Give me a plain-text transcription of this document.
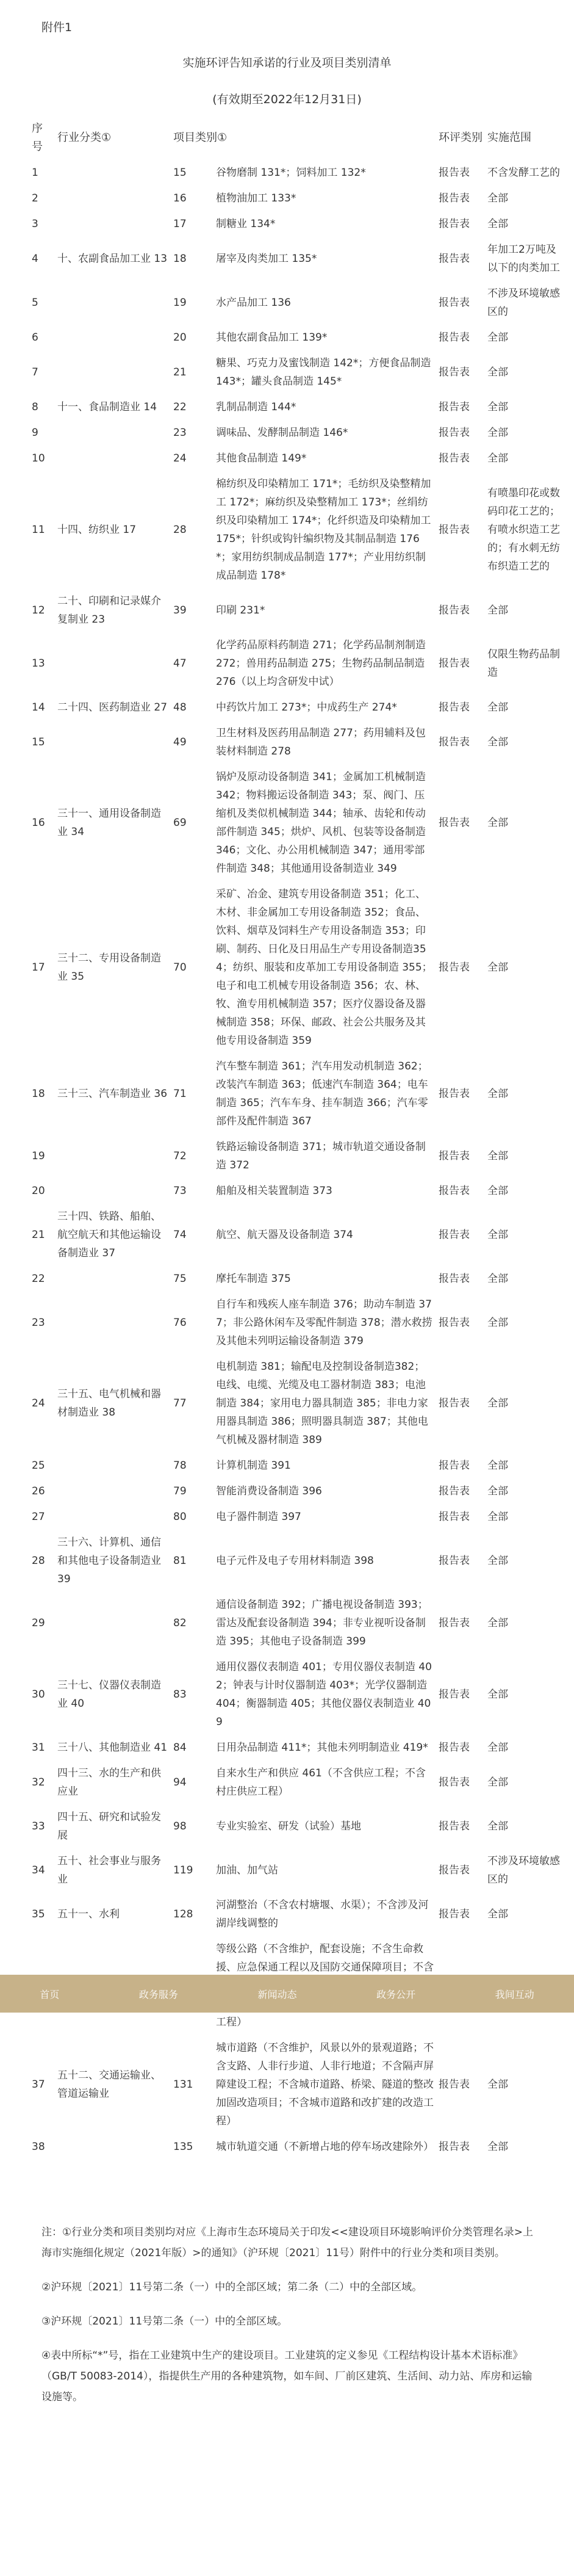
附件1
实施环评告知承诺的行业及项目类别清单
(有效期至2022年12月31日)
序号	行业分类①	项目类别①		环评类别	实施范围
1		15	谷物磨制 131*；饲料加工 132*	报告表	不含发酵工艺的
2		16	植物油加工 133*	报告表	全部
3		17	制糖业 134*	报告表	全部
4	十、农副食品加工业 13	18	屠宰及肉类加工 135*	报告表	年加工2万吨及以下的肉类加工
5		19	水产品加工 136	报告表	不涉及环境敏感区的
6		20	其他农副食品加工 139*	报告表	全部
7		21	糖果、巧克力及蜜饯制造 142*；方便食品制造143*；罐头食品制造 145*	报告表	全部
8	十一、食品制造业 14	22	乳制品制造 144*	报告表	全部
9		23	调味品、发酵制品制造 146*	报告表	全部
10		24	其他食品制造 149*	报告表	全部
11	十四、纺织业 17	28	棉纺织及印染精加工 171*；毛纺织及染整精加工 172*；麻纺织及染整精加工 173*；丝绢纺织及印染精加工 174*；化纤织造及印染精加工 175*；针织或钩针编织物及其制品制造 176*；家用纺织制成品制造 177*；产业用纺织制成品制造 178*	报告表	有喷墨印花或数码印花工艺的；有喷水织造工艺的；有水刺无纺布织造工艺的
12	二十、印刷和记录媒介复制业 23	39	印刷 231*	报告表	全部
13		47	化学药品原料药制造 271；化学药品制剂制造 272；兽用药品制造 275；生物药品制品制造 276（以上均含研发中试）	报告表	仅限生物药品制造
14	二十四、医药制造业 27	48	中药饮片加工 273*；中成药生产 274*	报告表	全部
15		49	卫生材料及医药用品制造 277；药用辅料及包装材料制造 278	报告表	全部
16	三十一、通用设备制造业 34	69	锅炉及原动设备制造 341；金属加工机械制造 342；物料搬运设备制造 343；泵、阀门、压缩机及类似机械制造 344；轴承、齿轮和传动部件制造 345；烘炉、风机、包装等设备制造 346；文化、办公用机械制造 347；通用零部件制造 348；其他通用设备制造业 349	报告表	全部
17	三十二、专用设备制造业 35	70	采矿、冶金、建筑专用设备制造 351；化工、木材、非金属加工专用设备制造 352；食品、饮料、烟草及饲料生产专用设备制造 353；印刷、制药、日化及日用品生产专用设备制造354；纺织、服装和皮革加工专用设备制造 355；电子和电工机械专用设备制造 356；农、林、牧、渔专用机械制造 357；医疗仪器设备及器械制造 358；环保、邮政、社会公共服务及其他专用设备制造 359	报告表	全部
18	三十三、汽车制造业 36	71	汽车整车制造 361；汽车用发动机制造 362；改装汽车制造 363；低速汽车制造 364；电车制造 365；汽车车身、挂车制造 366；汽车零部件及配件制造 367	报告表	全部
19		72	铁路运输设备制造 371；城市轨道交通设备制造 372	报告表	全部
20		73	船舶及相关装置制造 373	报告表	全部
21	三十四、铁路、船舶、航空航天和其他运输设备制造业 37	74	航空、航天器及设备制造 374	报告表	全部
22		75	摩托车制造 375	报告表	全部
23		76	自行车和残疾人座车制造 376；助动车制造 377；非公路休闲车及零配件制造 378；潜水救捞及其他未列明运输设备制造 379	报告表	全部
24	三十五、电气机械和器材制造业 38	77	电机制造 381；输配电及控制设备制造382；电线、电缆、光缆及电工器材制造 383；电池制造 384；家用电力器具制造 385；非电力家用器具制造 386；照明器具制造 387；其他电气机械及器材制造 389	报告表	全部
25		78	计算机制造 391	报告表	全部
26		79	智能消费设备制造 396	报告表	全部
27		80	电子器件制造 397	报告表	全部
28	三十六、计算机、通信和其他电子设备制造业 39	81	电子元件及电子专用材料制造 398	报告表	全部
29		82	通信设备制造 392；广播电视设备制造 393；雷达及配套设备制造 394；非专业视听设备制造 395；其他电子设备制造 399	报告表	全部
30	三十七、仪器仪表制造业 40	83	通用仪器仪表制造 401；专用仪器仪表制造 402；钟表与计时仪器制造 403*；光学仪器制造 404；衡器制造 405；其他仪器仪表制造业 409	报告表	全部
31	三十八、其他制造业 41	84	日用杂品制造 411*；其他未列明制造业 419*	报告表	全部
32	四十三、水的生产和供应业	94	自来水生产和供应 461（不含供应工程；不含村庄供应工程）	报告表	全部
33	四十五、研究和试验发展	98	专业实验室、研发（试验）基地	报告表	全部
34	五十、社会事业与服务业	119	加油、加气站	报告表	不涉及环境敏感区的
35	五十一、水利	128	河湖整治（不含农村塘堰、水渠）；不含涉及河湖岸线调整的	报告表	全部
			等级公路（不含维护，配套设施；不含生命救援、应急保通工程以及国防交通保障项目；不含 工程）		
37	五十二、交通运输业、管道运输业	131	城市道路（不含维护，风景以外的景观道路；不含支路、人非行步道、人非行地道；不含隔声屏障建设工程；不含城市道路、桥梁、隧道的整改加固改造项目；不含城市道路和改扩建的改造工程）	报告表	全部
38		135	城市轨道交通（不新增占地的停车场改建除外）	报告表	全部
首页	政务服务	新闻动态	政务公开	我间互动

注：①行业分类和项目类别均对应《上海市生态环境局关于印发<<建设项目环境影响评价分类管理名录>上海市实施细化规定（2021年版）>的通知》（沪环规〔2021〕11号）附件中的行业分类和项目类别。

②沪环规〔2021〕11号第二条（一）中的全部区域；第二条（二）中的全部区域。

③沪环规〔2021〕11号第二条（一）中的全部区域。

④表中所标“*”号，指在工业建筑中生产的建设项目。工业建筑的定义参见《工程结构设计基本术语标准》（GB/T 50083-2014），指提供生产用的各种建筑物，如车间、厂前区建筑、生活间、动力站、库房和运输设施等。
